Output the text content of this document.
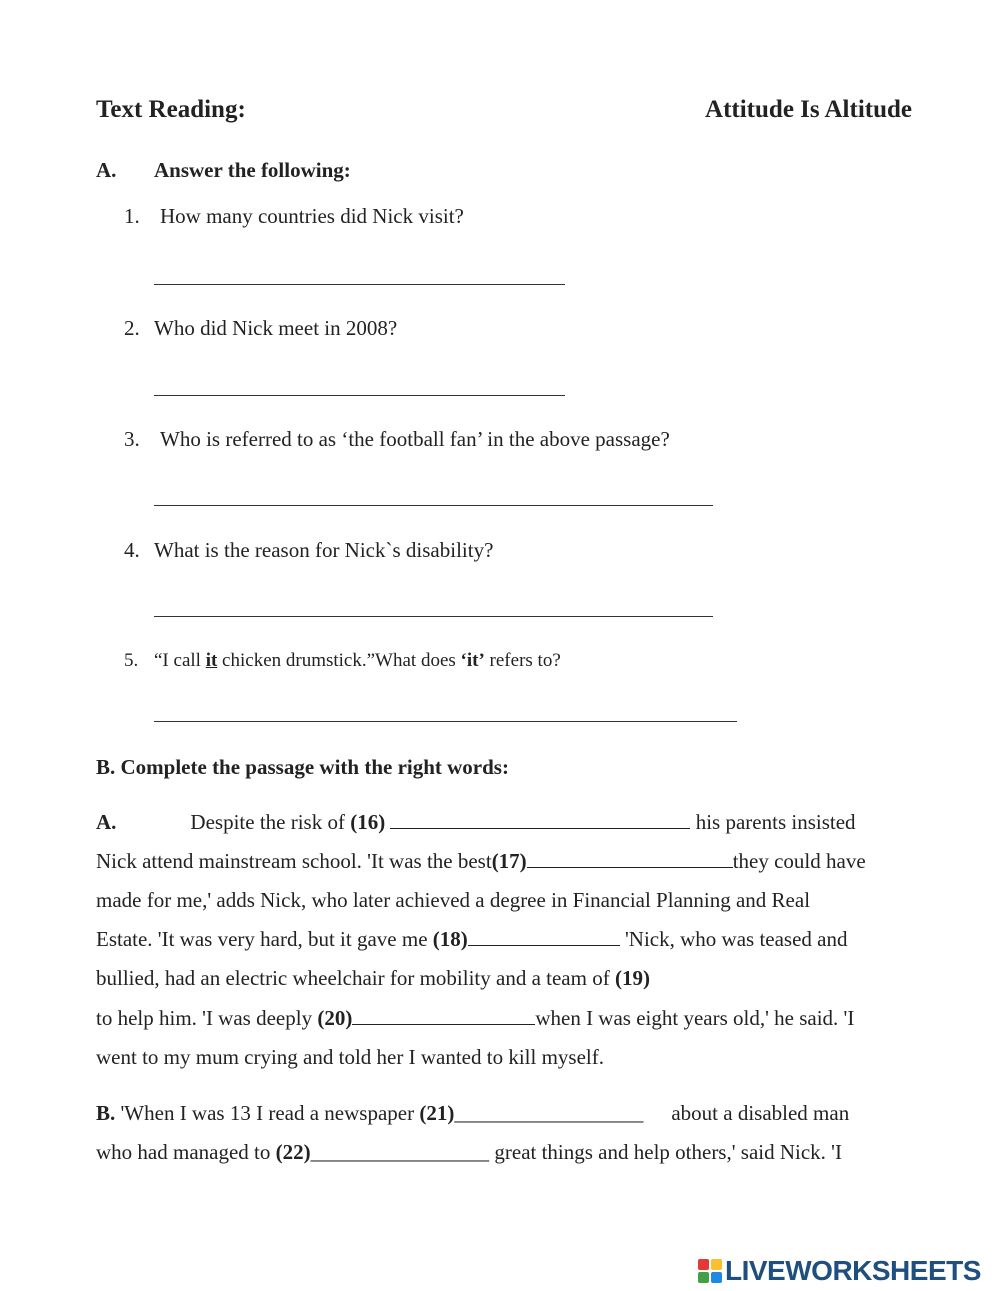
Text Reading:	Attitude Is Altitude
A. Answer the following:
1. How many countries did Nick visit?
2. Who did Nick meet in 2008?
3. Who is referred to as ‘the football fan’ in the above passage?
4. What is the reason for Nick`s disability?
5. “I call it chicken drumstick.”What does ‘it’ refers to?
B. Complete the passage with the right words:
A.	Despite the risk of (16)	his parents insisted
Nick attend mainstream school. 'It was the best(17)	they could have
made for me,' adds Nick, who later achieved a degree in Financial Planning and Real
Estate. 'It was very hard, but it gave me (18)	'Nick, who was teased and
bullied, had an electric wheelchair for mobility and a team of (19)
to help him. 'I was deeply (20)	when I was eight years old,' he said. 'I
went to my mum crying and told her I wanted to kill myself.
B. 'When I was 13 I read a newspaper (21)__________________ about a disabled man
who had managed to (22)_________________ great things and help others,' said Nick. 'I
LIVEWORKSHEETS
